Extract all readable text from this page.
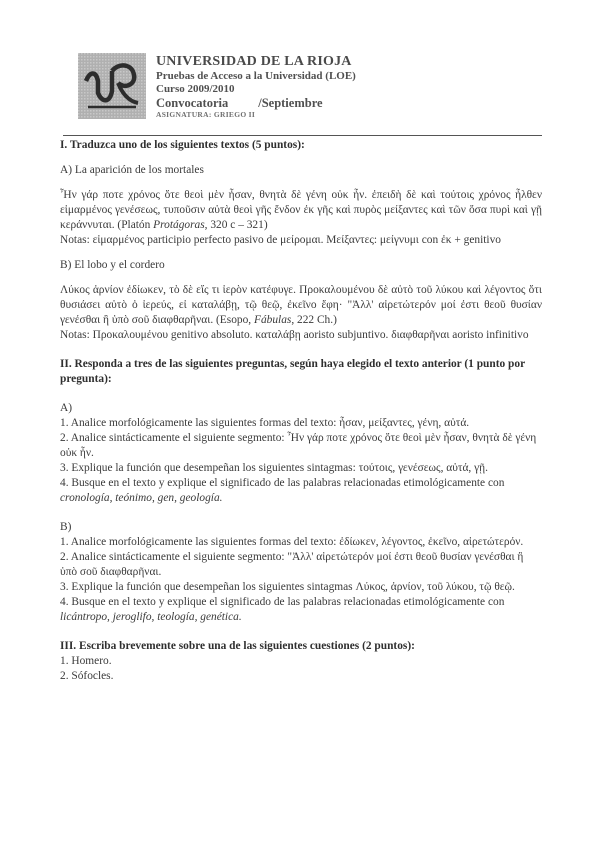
UNIVERSIDAD DE LA RIOJA
Pruebas de Acceso a la Universidad (LOE)
Curso 2009/2010
Convocatoria /Septiembre
ASIGNATURA: GRIEGO II

I. Traduzca uno de los siguientes textos (5 puntos):

A) La aparición de los mortales

Ἦν γάρ ποτε χρόνος ὅτε θεοὶ μὲν ἦσαν, θνητὰ δὲ γένη οὐκ ἦν. ἐπειδὴ δὲ καὶ τούτοις χρόνος ἦλθεν εἱμαρμένος γενέσεως, τυποῦσιν αὐτὰ θεοὶ γῆς ἔνδον ἐκ γῆς καὶ πυρὸς μείξαντες καὶ τῶν ὅσα πυρὶ καὶ γῇ κεράννυται. (Platón Protágoras, 320 c – 321)

Notas: εἱμαρμένος participio perfecto pasivo de μείρομαι. Μείξαντες: μείγνυμι con ἐκ + genitivo

B) El lobo y el cordero

Λύκος ἀρνίον ἐδίωκεν, τὸ δὲ εἴς τι ἱερὸν κατέφυγε. Προκαλουμένου δὲ αὐτὸ τοῦ λύκου καὶ λέγοντος ὅτι θυσιάσει αὐτὸ ὁ ἱερεύς, εἰ καταλάβῃ, τῷ θεῷ, ἐκεῖνο ἔφη· "Ἀλλ' αἱρετώτερόν μοί ἐστι θεοῦ θυσίαν γενέσθαι ἢ ὑπὸ σοῦ διαφθαρῆναι. (Esopo, Fábulas, 222 Ch.)

Notas: Προκαλουμένου genitivo absoluto. καταλάβῃ aoristo subjuntivo. διαφθαρῆναι aoristo infinitivo

II. Responda a tres de las siguientes preguntas, según haya elegido el texto anterior (1 punto por pregunta):

A)

1. Analice morfológicamente las siguientes formas del texto: ἦσαν, μείξαντες, γένη, αὐτά.

2. Analice sintácticamente el siguiente segmento: Ἦν γάρ ποτε χρόνος ὅτε θεοὶ μὲν ἦσαν, θνητὰ δὲ γένη οὐκ ἦν.

3. Explique la función que desempeñan los siguientes sintagmas: τούτοις, γενέσεως, αὐτά, γῇ.

4. Busque en el texto y explique el significado de las palabras relacionadas etimológicamente con cronología, teónimo, gen, geología.

B)

1. Analice morfológicamente las siguientes formas del texto: ἐδίωκεν, λέγοντος, ἐκεῖνο, αἱρετώτερόν.

2. Analice sintácticamente el siguiente segmento: "Ἀλλ' αἱρετώτερόν μοί ἐστι θεοῦ θυσίαν γενέσθαι ἢ ὑπὸ σοῦ διαφθαρῆναι.

3. Explique la función que desempeñan los siguientes sintagmas Λύκος, ἀρνίον, τοῦ λύκου, τῷ θεῷ.

4. Busque en el texto y explique el significado de las palabras relacionadas etimológicamente con licántropo, jeroglifo, teología, genética.

III. Escriba brevemente sobre una de las siguientes cuestiones (2 puntos):

1. Homero.

2. Sófocles.
